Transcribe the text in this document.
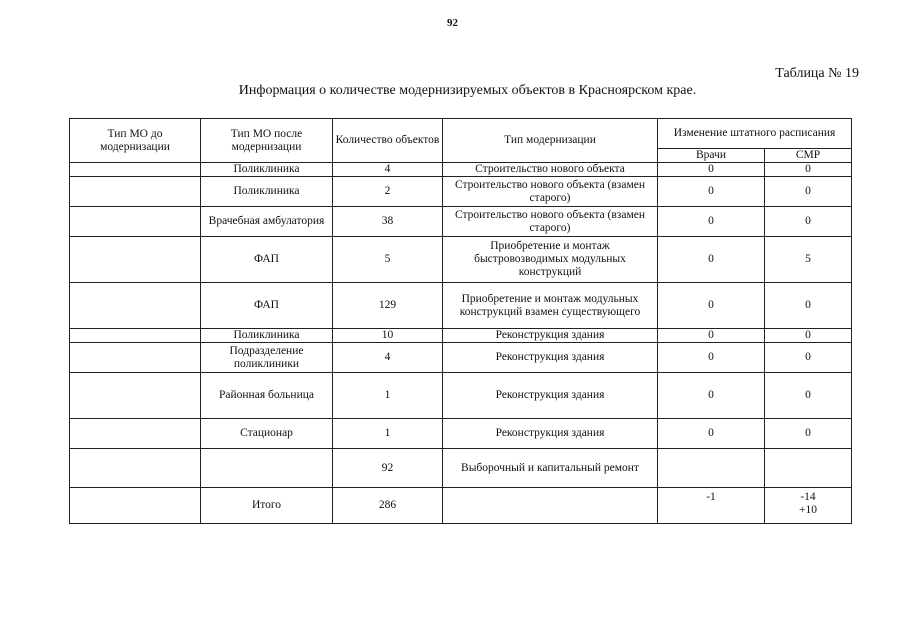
92
Таблица № 19
Информация о количестве модернизируемых объектов в Красноярском крае.
Тип МО до модернизации	Тип МО после модернизации	Количество объектов	Тип модернизации	Изменение штатного расписания	
				Врачи	СМР
	Поликлиника	4	Строительство нового объекта	0	0
	Поликлиника	2	Строительство нового объекта (взамен старого)	0	0
	Врачебная амбулатория	38	Строительство нового объекта (взамен старого)	0	0
	ФАП	5	Приобретение и монтаж быстровозводимых модульных конструкций	0	5
	ФАП	129	Приобретение и монтаж модульных конструкций взамен существующего	0	0
	Поликлиника	10	Реконструкция здания	0	0
	Подразделение поликлиники	4	Реконструкция здания	0	0
	Районная больница	1	Реконструкция здания	0	0
	Стационар	1	Реконструкция здания	0	0
		92	Выборочный и капитальный ремонт		
	Итого	286		-1	-14
+10
